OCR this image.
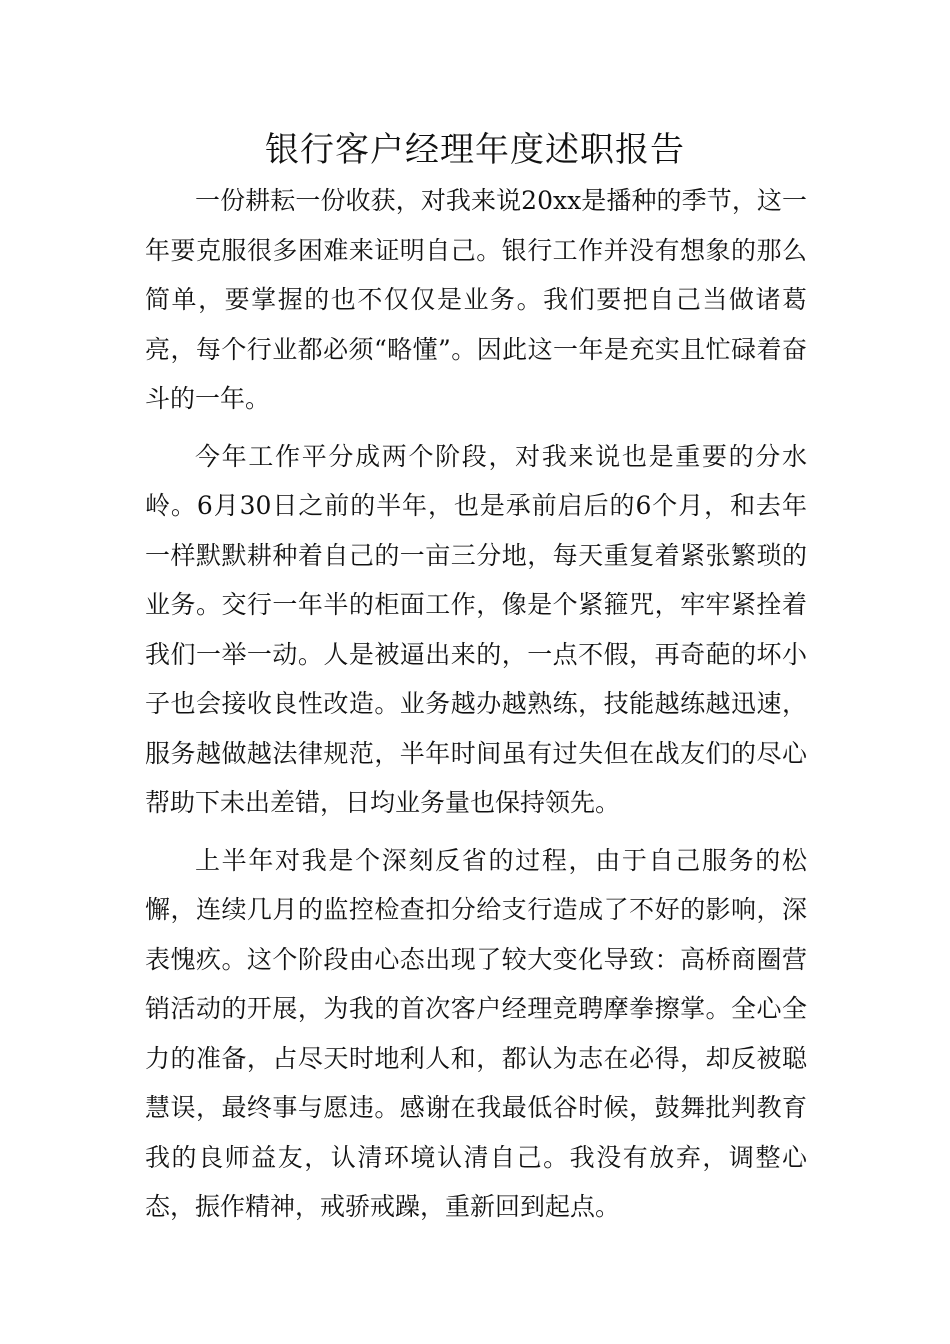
银行客户经理年度述职报告

一份耕耘一份收获，对我来说20xx是播种的季节，这一年要克服很多困难来证明自己。银行工作并没有想象的那么简单，要掌握的也不仅仅是业务。我们要把自己当做诸葛亮，每个行业都必须“略懂”。因此这一年是充实且忙碌着奋斗的一年。

今年工作平分成两个阶段，对我来说也是重要的分水岭。6月30日之前的半年，也是承前启后的6个月，和去年一样默默耕种着自己的一亩三分地，每天重复着紧张繁琐的业务。交行一年半的柜面工作，像是个紧箍咒，牢牢紧拴着我们一举一动。人是被逼出来的，一点不假，再奇葩的坏小子也会接收良性改造。业务越办越熟练，技能越练越迅速，服务越做越法律规范，半年时间虽有过失但在战友们的尽心帮助下未出差错，日均业务量也保持领先。

上半年对我是个深刻反省的过程，由于自己服务的松懈，连续几月的监控检查扣分给支行造成了不好的影响，深表愧疚。这个阶段由心态出现了较大变化导致：高桥商圈营销活动的开展，为我的首次客户经理竞聘摩拳擦掌。全心全力的准备，占尽天时地利人和，都认为志在必得，却反被聪慧误，最终事与愿违。感谢在我最低谷时候，鼓舞批判教育我的良师益友，认清环境认清自己。我没有放弃，调整心态，振作精神，戒骄戒躁，重新回到起点。
